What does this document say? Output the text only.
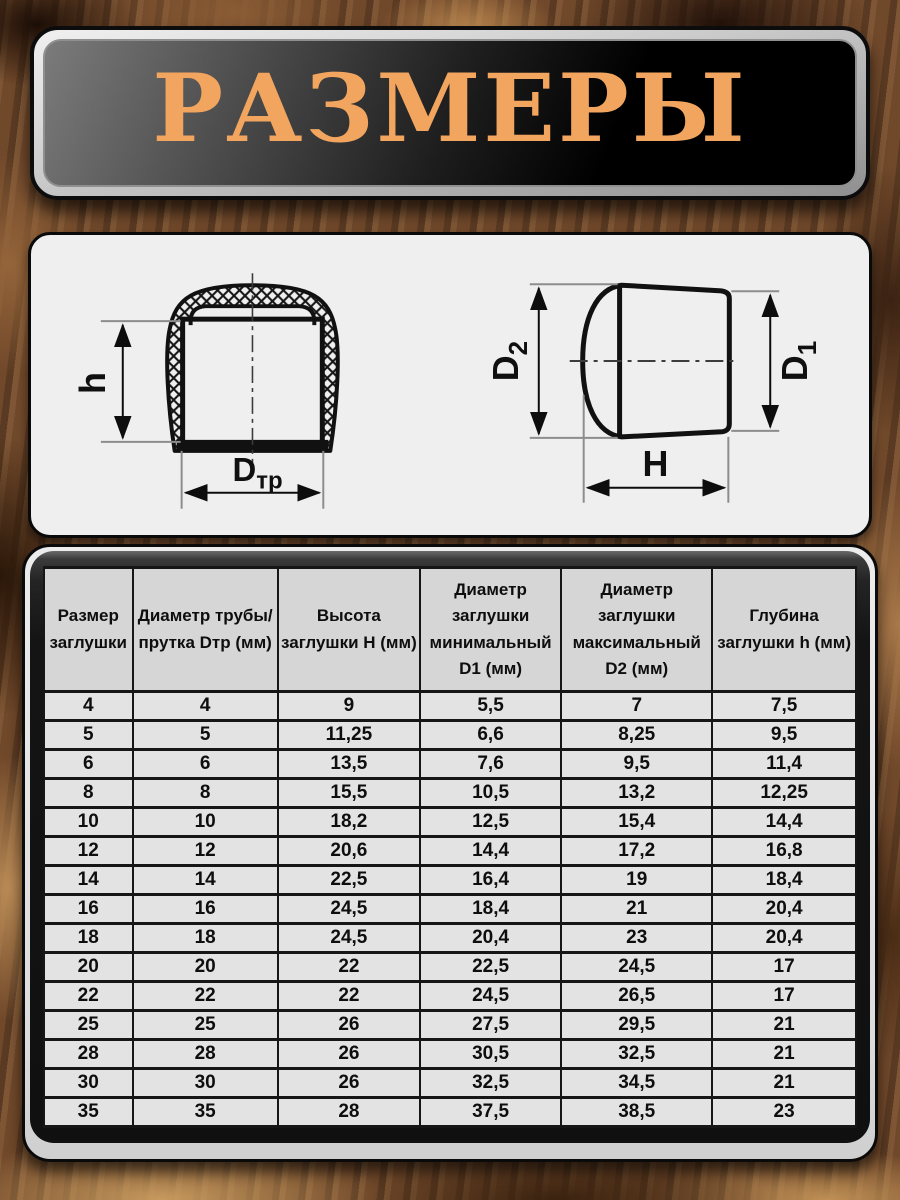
РАЗМЕРЫ
h
$D_{тр}$
$D_2$
$D_1$
H
Размер заглушки	Диаметр трубы/прутка Dтр (мм)	Высота заглушки H (мм)	Диаметр заглушки минимальный D1 (мм)	Диаметр заглушки максимальный D2 (мм)	Глубина заглушки h (мм)
4	4	9	5,5	7	7,5
5	5	11,25	6,6	8,25	9,5
6	6	13,5	7,6	9,5	11,4
8	8	15,5	10,5	13,2	12,25
10	10	18,2	12,5	15,4	14,4
12	12	20,6	14,4	17,2	16,8
14	14	22,5	16,4	19	18,4
16	16	24,5	18,4	21	20,4
18	18	24,5	20,4	23	20,4
20	20	22	22,5	24,5	17
22	22	22	24,5	26,5	17
25	25	26	27,5	29,5	21
28	28	26	30,5	32,5	21
30	30	26	32,5	34,5	21
35	35	28	37,5	38,5	23
